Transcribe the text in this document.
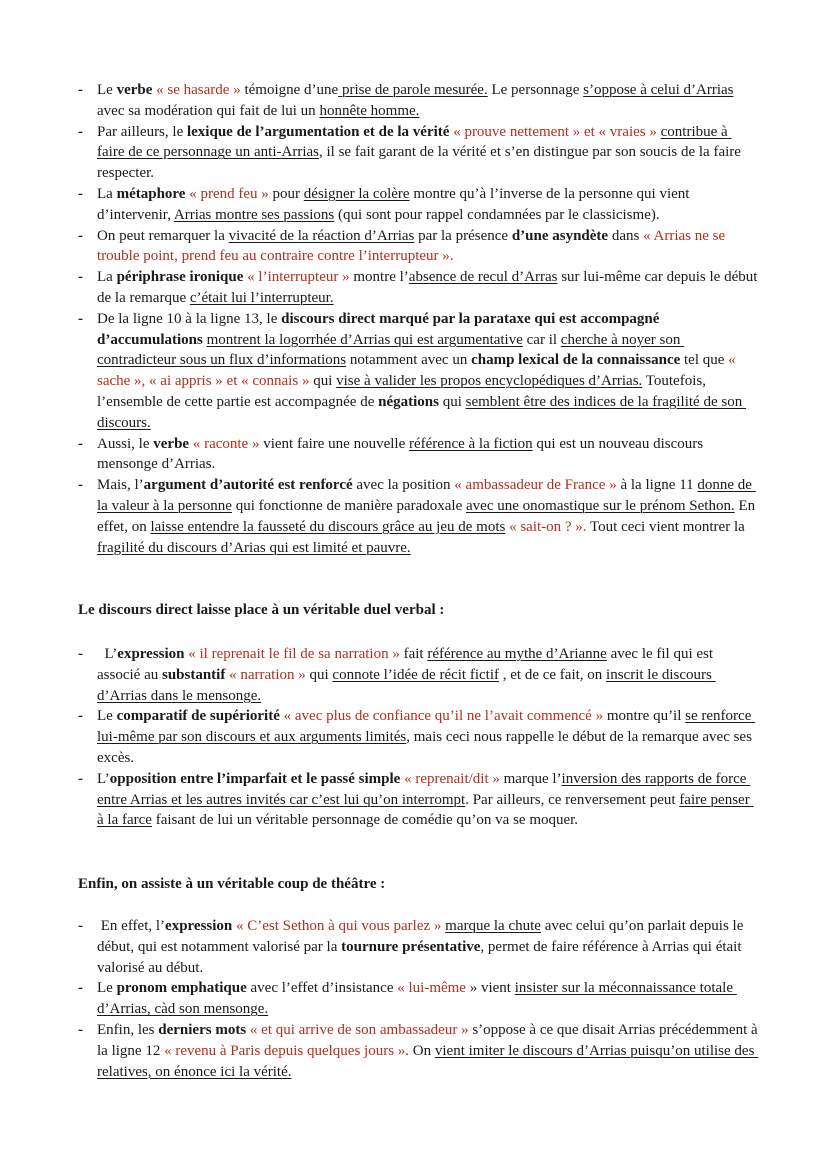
- Le verbe « se hasarde » témoigne d’une prise de parole mesurée. Le personnage s’oppose à celui d’Arrias avec sa modération qui fait de lui un honnête homme.
- Par ailleurs, le lexique de l’argumentation et de la vérité « prouve nettement » et « vraies » contribue à faire de ce personnage un anti-Arrias, il se fait garant de la vérité et s’en distingue par son soucis de la faire respecter.
- La métaphore « prend feu » pour désigner la colère montre qu’à l’inverse de la personne qui vient d’intervenir, Arrias montre ses passions (qui sont pour rappel condamnées par le classicisme).
- On peut remarquer la vivacité de la réaction d’Arrias par la présence d’une asyndète dans « Arrias ne se trouble point, prend feu au contraire contre l’interrupteur ».
- La périphrase ironique « l’interrupteur » montre l’absence de recul d’Arras sur lui-même car depuis le début de la remarque c’était lui l’interrupteur.
- De la ligne 10 à la ligne 13, le discours direct marqué par la parataxe qui est accompagné d’accumulations montrent la logorrhée d’Arrias qui est argumentative car il cherche à noyer son contradicteur sous un flux d’informations notamment avec un champ lexical de la connaissance tel que « sache », « ai appris » et « connais » qui vise à valider les propos encyclopédiques d’Arrias. Toutefois, l’ensemble de cette partie est accompagnée de négations qui semblent être des indices de la fragilité de son discours.
- Aussi, le verbe « raconte » vient faire une nouvelle référence à la fiction qui est un nouveau discours mensonge d’Arrias.
- Mais, l’argument d’autorité est renforcé avec la position « ambassadeur de France » à la ligne 11 donne de la valeur à la personne qui fonctionne de manière paradoxale avec une onomastique sur le prénom Sethon. En effet, on laisse entendre la fausseté du discours grâce au jeu de mots « sait-on ? ». Tout ceci vient montrer la fragilité du discours d’Arias qui est limité et pauvre.
Le discours direct laisse place à un véritable duel verbal :
- L’expression « il reprenait le fil de sa narration » fait référence au mythe d’Arianne avec le fil qui est associé au substantif « narration » qui connote l’idée de récit fictif , et de ce fait, on inscrit le discours d’Arrias dans le mensonge.
- Le comparatif de supériorité « avec plus de confiance qu’il ne l’avait commencé » montre qu’il se renforce lui-même par son discours et aux arguments limités, mais ceci nous rappelle le début de la remarque avec ses excès.
- L’opposition entre l’imparfait et le passé simple « reprenait/dit » marque l’inversion des rapports de force entre Arrias et les autres invités car c’est lui qu’on interrompt. Par ailleurs, ce renversement peut faire penser à la farce faisant de lui un véritable personnage de comédie qu’on va se moquer.
Enfin, on assiste à un véritable coup de théâtre :
- En effet, l’expression « C’est Sethon à qui vous parlez » marque la chute avec celui qu’on parlait depuis le début, qui est notamment valorisé par la tournure présentative, permet de faire référence à Arrias qui était valorisé au début.
- Le pronom emphatique avec l’effet d’insistance « lui-même » vient insister sur la méconnaissance totale d’Arrias, càd son mensonge.
- Enfin, les derniers mots « et qui arrive de son ambassadeur » s’oppose à ce que disait Arrias précédemment à la ligne 12 « revenu à Paris depuis quelques jours ». On vient imiter le discours d’Arrias puisqu’on utilise des relatives, on énonce ici la vérité.
